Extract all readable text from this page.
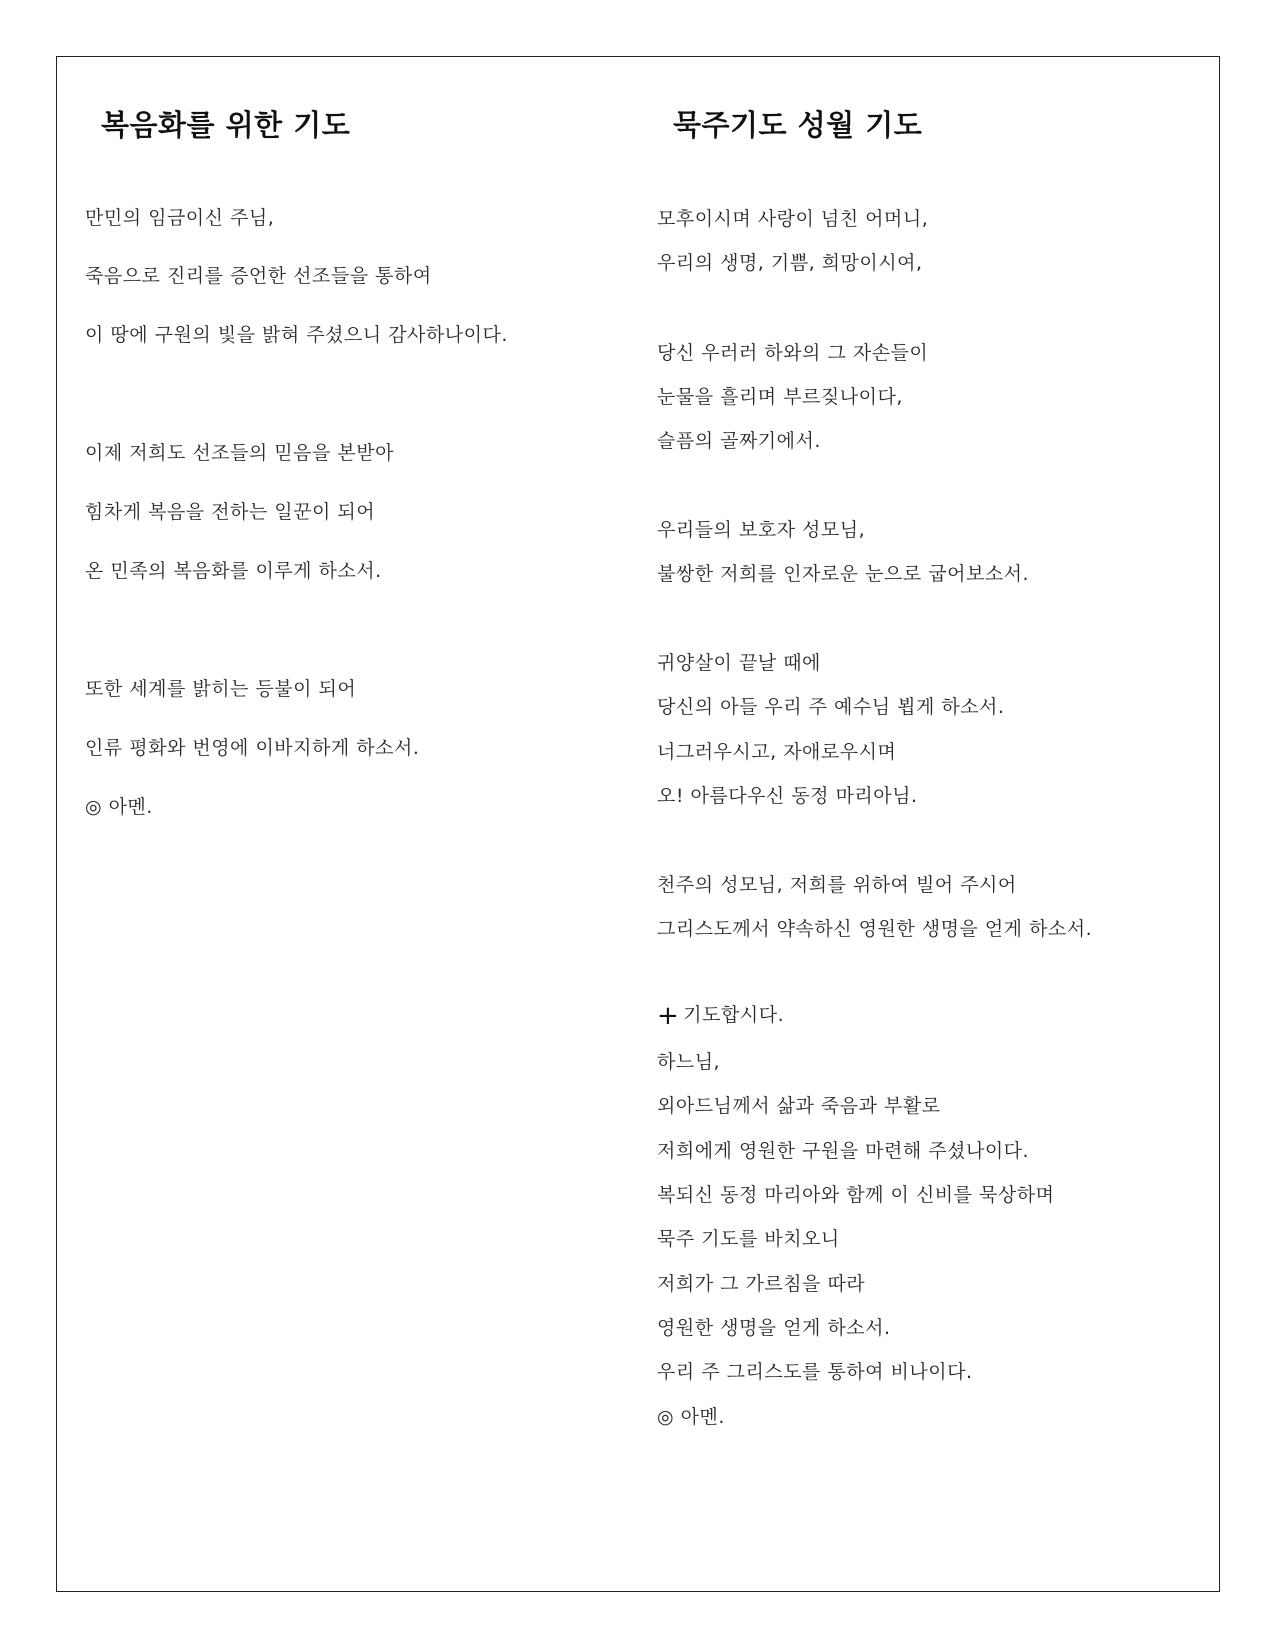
복음화를 위한 기도

만민의 임금이신 주님,

죽음으로 진리를 증언한 선조들을 통하여

이 땅에 구원의 빛을 밝혀 주셨으니 감사하나이다.

이제 저희도 선조들의 믿음을 본받아

힘차게 복음을 전하는 일꾼이 되어

온 민족의 복음화를 이루게 하소서.

또한 세계를 밝히는 등불이 되어

인류 평화와 번영에 이바지하게 하소서.

◎ 아멘.

묵주기도 성월 기도

모후이시며 사랑이 넘친 어머니,

우리의 생명, 기쁨, 희망이시여,

당신 우러러 하와의 그 자손들이

눈물을 흘리며 부르짖나이다,

슬픔의 골짜기에서.

우리들의 보호자 성모님,

불쌍한 저희를 인자로운 눈으로 굽어보소서.

귀양살이 끝날 때에

당신의 아들 우리 주 예수님 뵙게 하소서.

너그러우시고, 자애로우시며

오! 아름다우신 동정 마리아님.

천주의 성모님, 저희를 위하여 빌어 주시어

그리스도께서 약속하신 영원한 생명을 얻게 하소서.

+ 기도합시다.

하느님,

외아드님께서 삶과 죽음과 부활로

저희에게 영원한 구원을 마련해 주셨나이다.

복되신 동정 마리아와 함께 이 신비를 묵상하며

묵주 기도를 바치오니

저희가 그 가르침을 따라

영원한 생명을 얻게 하소서.

우리 주 그리스도를 통하여 비나이다.

◎ 아멘.
